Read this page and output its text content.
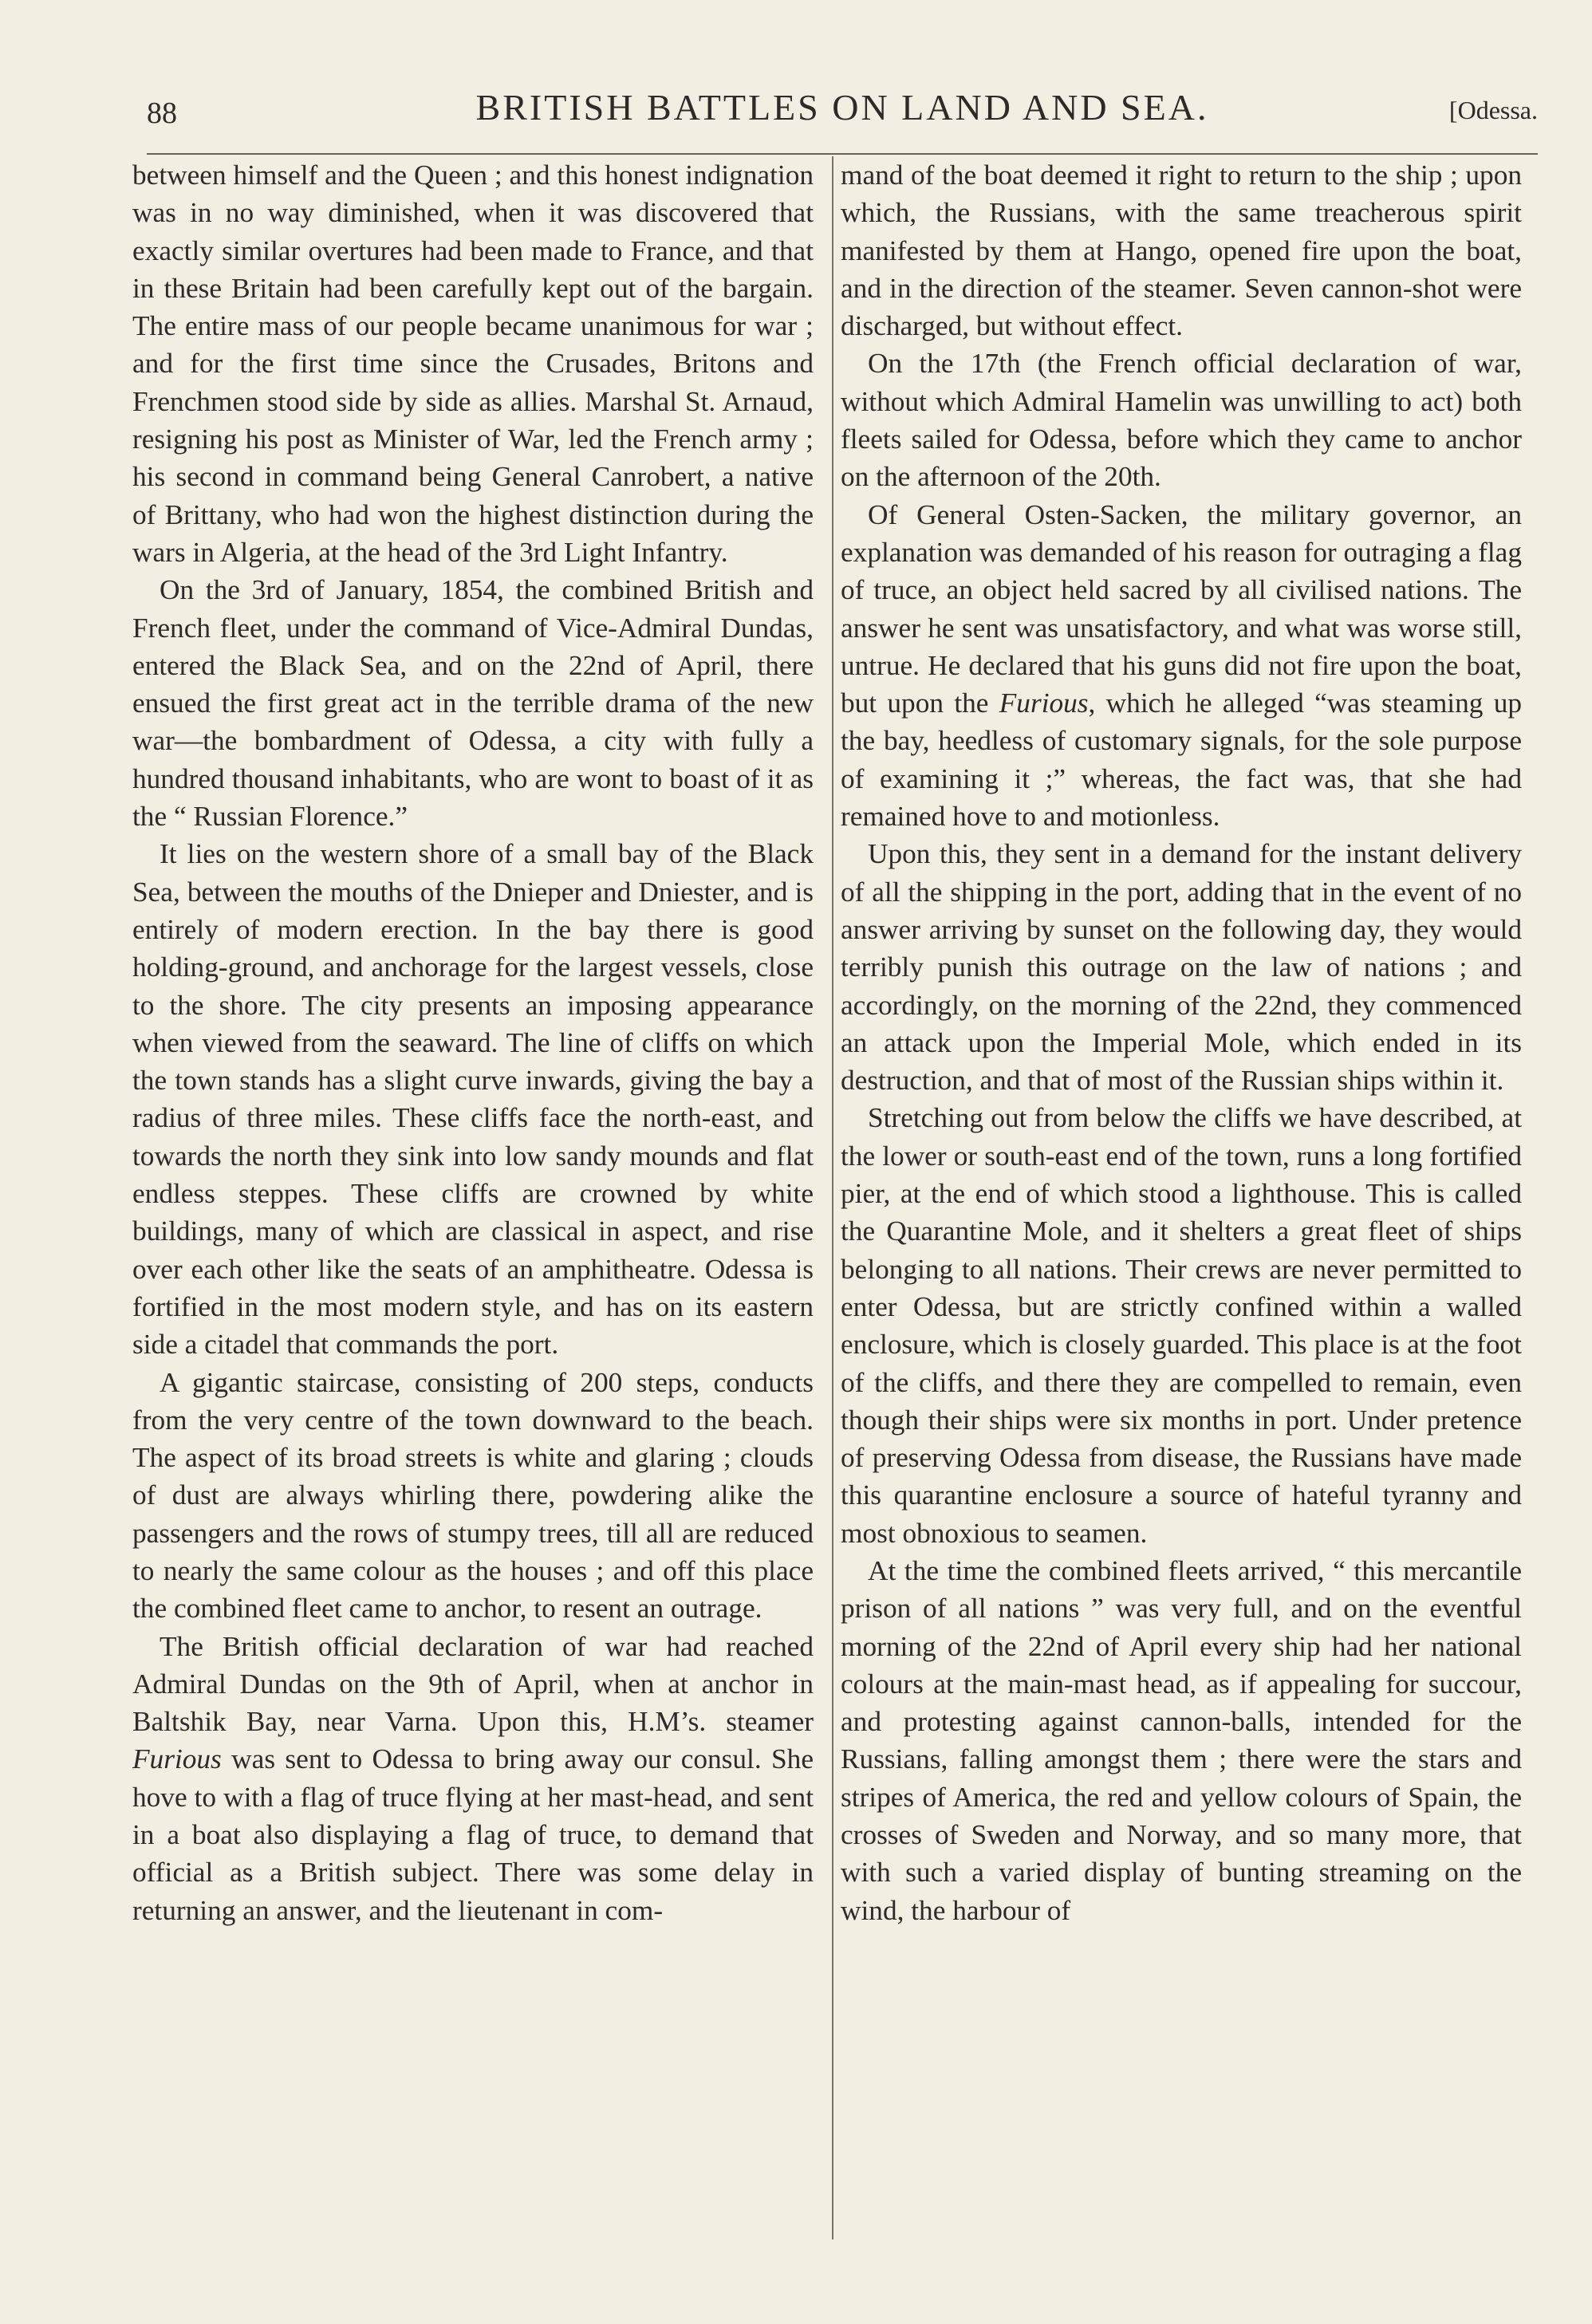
88	BRITISH BATTLES ON LAND AND SEA.	[Odessa.

between himself and the Queen ; and this honest indignation was in no way diminished, when it was discovered that exactly similar overtures had been made to France, and that in these Britain had been carefully kept out of the bargain. The entire mass of our people became unanimous for war ; and for the first time since the Crusades, Britons and Frenchmen stood side by side as allies. Marshal St. Arnaud, resigning his post as Minister of War, led the French army ; his second in command being General Canrobert, a native of Brittany, who had won the highest distinction during the wars in Algeria, at the head of the 3rd Light Infantry.

On the 3rd of January, 1854, the combined British and French fleet, under the command of Vice-Admiral Dundas, entered the Black Sea, and on the 22nd of April, there ensued the first great act in the terrible drama of the new war—the bombardment of Odessa, a city with fully a hundred thousand inhabitants, who are wont to boast of it as the “ Russian Florence.”

It lies on the western shore of a small bay of the Black Sea, between the mouths of the Dnieper and Dniester, and is entirely of modern erection. In the bay there is good holding-ground, and anchorage for the largest vessels, close to the shore. The city presents an imposing appearance when viewed from the seaward. The line of cliffs on which the town stands has a slight curve inwards, giving the bay a radius of three miles. These cliffs face the north-east, and towards the north they sink into low sandy mounds and flat endless steppes. These cliffs are crowned by white buildings, many of which are classical in aspect, and rise over each other like the seats of an amphitheatre. Odessa is fortified in the most modern style, and has on its eastern side a citadel that commands the port.

A gigantic staircase, consisting of 200 steps, conducts from the very centre of the town downward to the beach. The aspect of its broad streets is white and glaring ; clouds of dust are always whirling there, powdering alike the passengers and the rows of stumpy trees, till all are reduced to nearly the same colour as the houses ; and off this place the combined fleet came to anchor, to resent an outrage.

The British official declaration of war had reached Admiral Dundas on the 9th of April, when at anchor in Baltshik Bay, near Varna. Upon this, H.M’s. steamer Furious was sent to Odessa to bring away our consul. She hove to with a flag of truce flying at her mast-head, and sent in a boat also displaying a flag of truce, to demand that official as a British subject. There was some delay in returning an answer, and the lieutenant in com-

mand of the boat deemed it right to return to the ship ; upon which, the Russians, with the same treacherous spirit manifested by them at Hango, opened fire upon the boat, and in the direction of the steamer. Seven cannon-shot were discharged, but without effect.

On the 17th (the French official declaration of war, without which Admiral Hamelin was unwilling to act) both fleets sailed for Odessa, before which they came to anchor on the afternoon of the 20th.

Of General Osten-Sacken, the military governor, an explanation was demanded of his reason for outraging a flag of truce, an object held sacred by all civilised nations. The answer he sent was unsatisfactory, and what was worse still, untrue. He declared that his guns did not fire upon the boat, but upon the Furious, which he alleged “was steaming up the bay, heedless of customary signals, for the sole purpose of examining it ;” whereas, the fact was, that she had remained hove to and motionless.

Upon this, they sent in a demand for the instant delivery of all the shipping in the port, adding that in the event of no answer arriving by sunset on the following day, they would terribly punish this outrage on the law of nations ; and accordingly, on the morning of the 22nd, they commenced an attack upon the Imperial Mole, which ended in its destruction, and that of most of the Russian ships within it.

Stretching out from below the cliffs we have described, at the lower or south-east end of the town, runs a long fortified pier, at the end of which stood a lighthouse. This is called the Quarantine Mole, and it shelters a great fleet of ships belonging to all nations. Their crews are never permitted to enter Odessa, but are strictly confined within a walled enclosure, which is closely guarded. This place is at the foot of the cliffs, and there they are compelled to remain, even though their ships were six months in port. Under pretence of preserving Odessa from disease, the Russians have made this quarantine enclosure a source of hateful tyranny and most obnoxious to seamen.

At the time the combined fleets arrived, “ this mercantile prison of all nations ” was very full, and on the eventful morning of the 22nd of April every ship had her national colours at the main-mast head, as if appealing for succour, and protesting against cannon-balls, intended for the Russians, falling amongst them ; there were the stars and stripes of America, the red and yellow colours of Spain, the crosses of Sweden and Norway, and so many more, that with such a varied display of bunting streaming on the wind, the harbour of
